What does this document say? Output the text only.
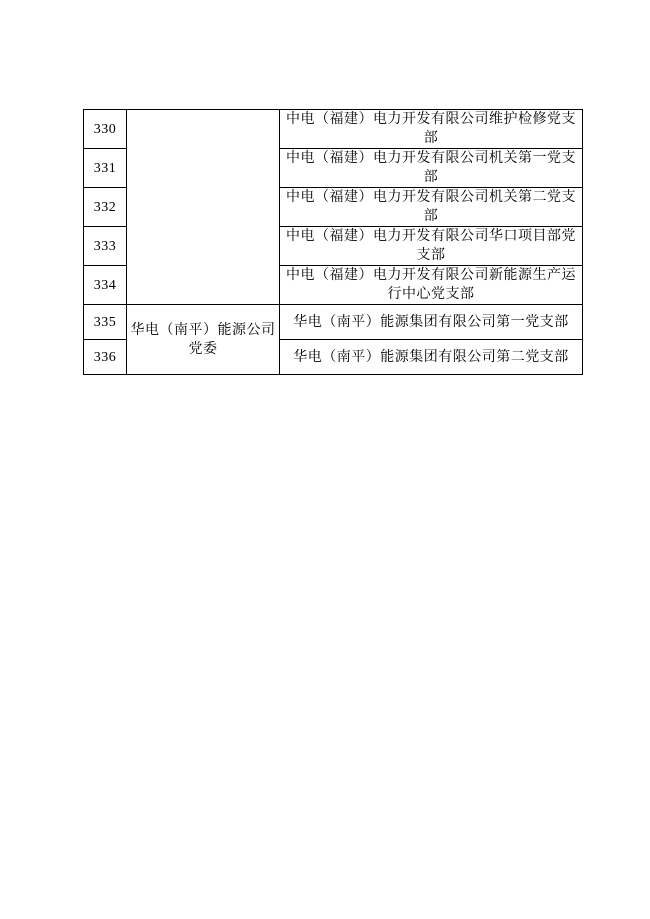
330		中电（福建）电力开发有限公司维护检修党支部
331		中电（福建）电力开发有限公司机关第一党支部
332		中电（福建）电力开发有限公司机关第二党支部
333		中电（福建）电力开发有限公司华口项目部党支部
334		中电（福建）电力开发有限公司新能源生产运行中心党支部
335	华电（南平）能源公司党委	华电（南平）能源集团有限公司第一党支部
336		华电（南平）能源集团有限公司第二党支部
